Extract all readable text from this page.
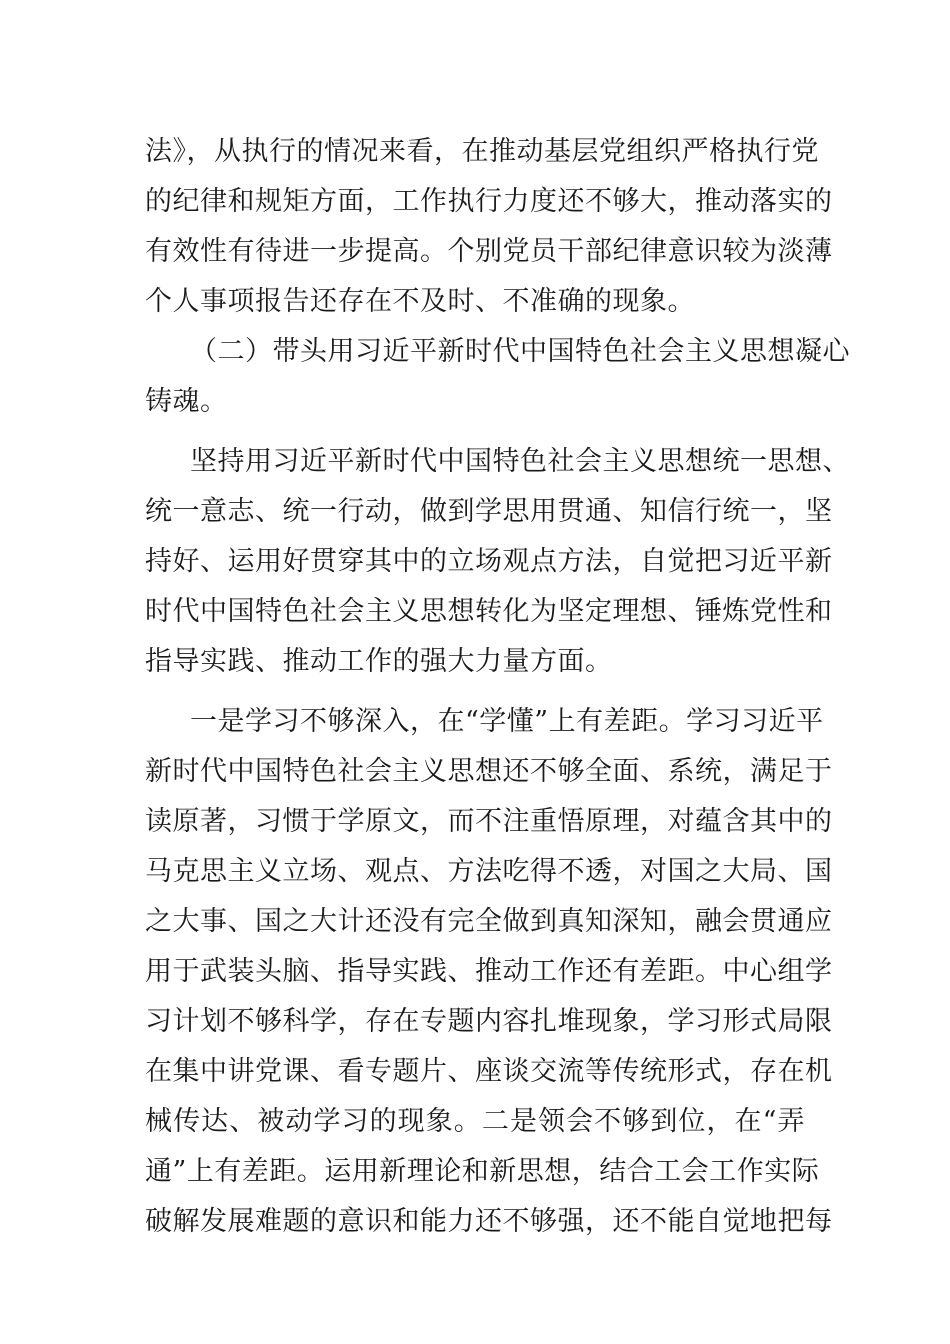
法》，从执行的情况来看，在推动基层党组织严格执行党
的纪律和规矩方面，工作执行力度还不够大，推动落实的
有效性有待进一步提高。个别党员干部纪律意识较为淡薄
个人事项报告还存在不及时、不准确的现象。
（二）带头用习近平新时代中国特色社会主义思想凝心
铸魂。
坚持用习近平新时代中国特色社会主义思想统一思想、
统一意志、统一行动，做到学思用贯通、知信行统一，坚
持好、运用好贯穿其中的立场观点方法，自觉把习近平新
时代中国特色社会主义思想转化为坚定理想、锤炼党性和
指导实践、推动工作的强大力量方面。
一是学习不够深入，在“学懂”上有差距。学习习近平
新时代中国特色社会主义思想还不够全面、系统，满足于
读原著，习惯于学原文，而不注重悟原理，对蕴含其中的
马克思主义立场、观点、方法吃得不透，对国之大局、国
之大事、国之大计还没有完全做到真知深知，融会贯通应
用于武装头脑、指导实践、推动工作还有差距。中心组学
习计划不够科学，存在专题内容扎堆现象，学习形式局限
在集中讲党课、看专题片、座谈交流等传统形式，存在机
械传达、被动学习的现象。二是领会不够到位，在“弄
通”上有差距。运用新理论和新思想，结合工会工作实际
破解发展难题的意识和能力还不够强，还不能自觉地把每
